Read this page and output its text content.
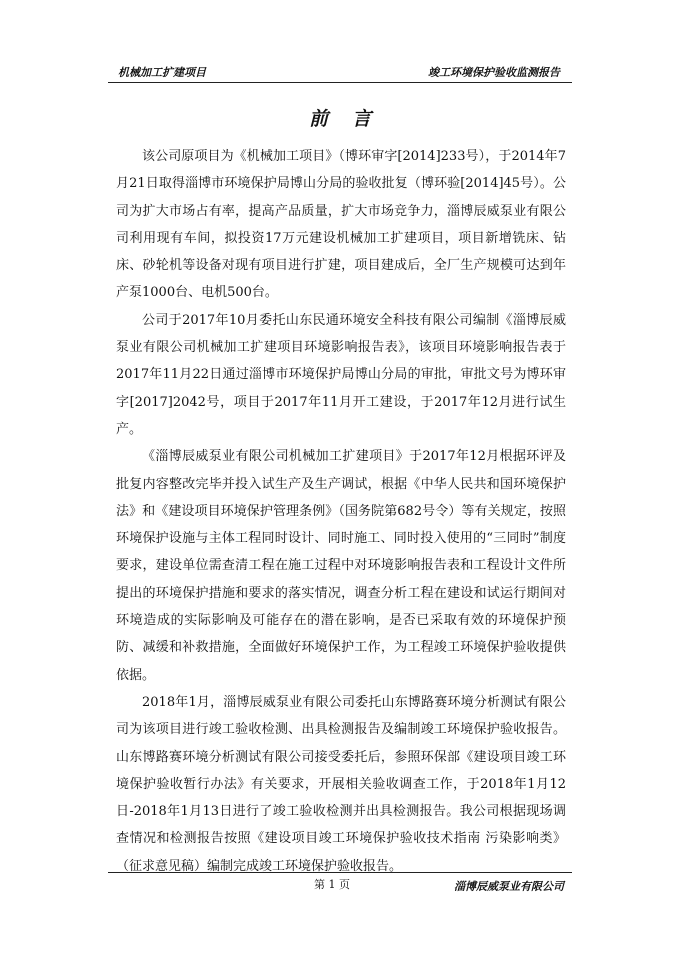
机械加工扩建项目	竣工环境保护验收监测报告
前言

该公司原项目为《机械加工项目》（博环审字[2014]233号），于2014年7月21日取得淄博市环境保护局博山分局的验收批复（博环验[2014]45号）。公司为扩大市场占有率，提高产品质量，扩大市场竞争力，淄博辰威泵业有限公司利用现有车间，拟投资17万元建设机械加工扩建项目，项目新增铣床、钻床、砂轮机等设备对现有项目进行扩建，项目建成后，全厂生产规模可达到年产泵1000台、电机500台。

公司于2017年10月委托山东民通环境安全科技有限公司编制《淄博辰威泵业有限公司机械加工扩建项目环境影响报告表》，该项目环境影响报告表于2017年11月22日通过淄博市环境保护局博山分局的审批，审批文号为博环审字[2017]2042号，项目于2017年11月开工建设，于2017年12月进行试生产。

《淄博辰威泵业有限公司机械加工扩建项目》于2017年12月根据环评及批复内容整改完毕并投入试生产及生产调试，根据《中华人民共和国环境保护法》和《建设项目环境保护管理条例》（国务院第682号令）等有关规定，按照环境保护设施与主体工程同时设计、同时施工、同时投入使用的“三同时”制度要求，建设单位需查清工程在施工过程中对环境影响报告表和工程设计文件所提出的环境保护措施和要求的落实情况，调查分析工程在建设和试运行期间对环境造成的实际影响及可能存在的潜在影响，是否已采取有效的环境保护预防、减缓和补救措施，全面做好环境保护工作，为工程竣工环境保护验收提供依据。

2018年1月，淄博辰威泵业有限公司委托山东博路赛环境分析测试有限公司为该项目进行竣工验收检测、出具检测报告及编制竣工环境保护验收报告。山东博路赛环境分析测试有限公司接受委托后，参照环保部《建设项目竣工环境保护验收暂行办法》有关要求，开展相关验收调查工作，于2018年1月12日-2018年1月13日进行了竣工验收检测并出具检测报告。我公司根据现场调查情况和检测报告按照《建设项目竣工环境保护验收技术指南 污染影响类》（征求意见稿）编制完成竣工环境保护验收报告。

第 1 页	淄博辰威泵业有限公司
